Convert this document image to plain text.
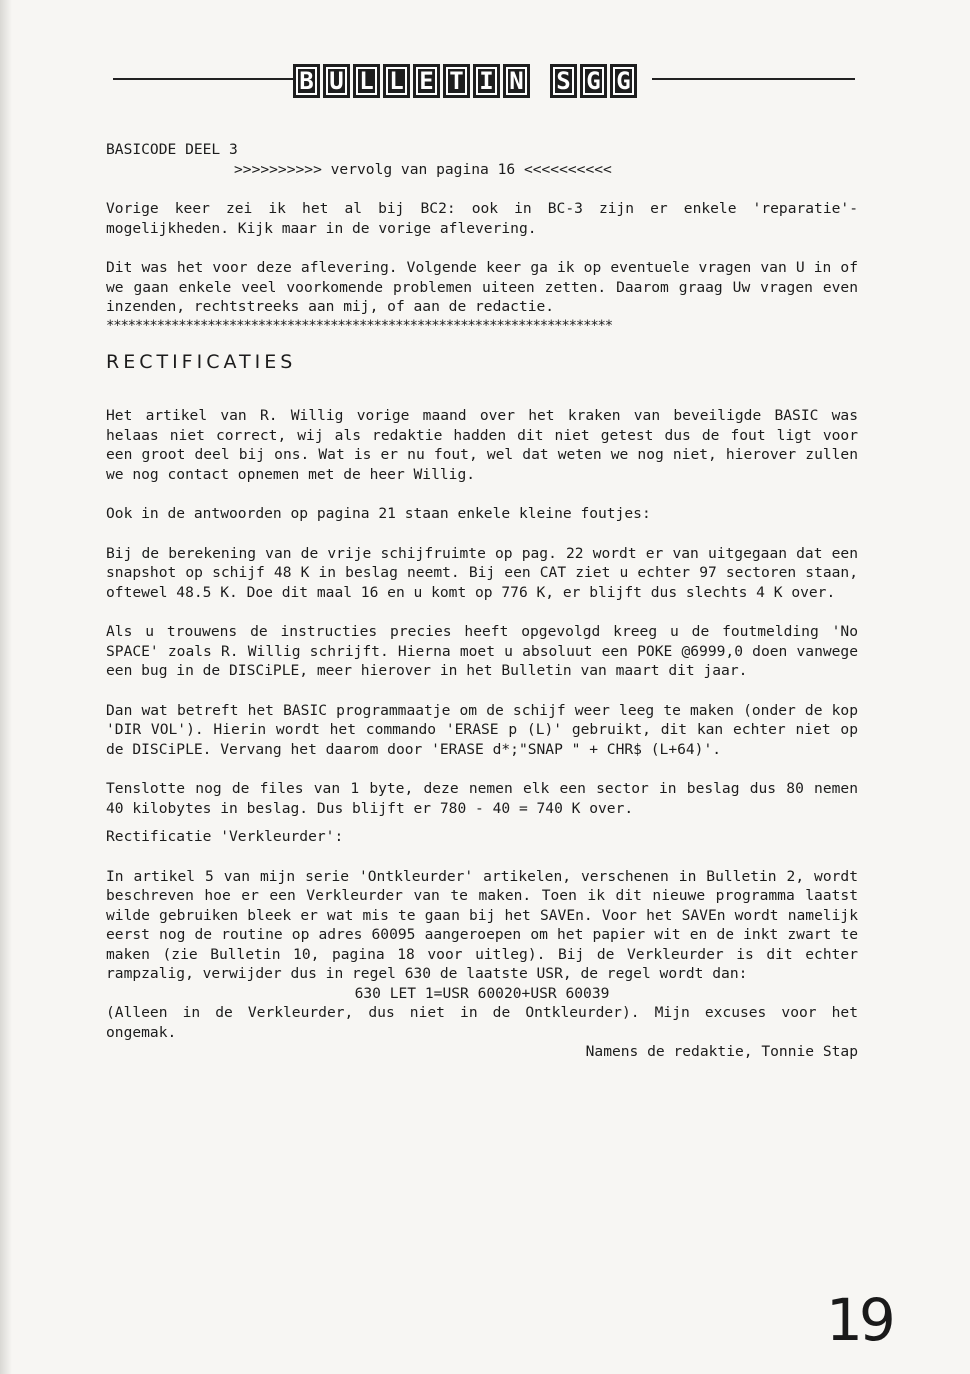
B U L L E T I N S G G

BASICODE DEEL 3

>>>>>>>>>> vervolg van pagina 16 <<<<<<<<<<

Vorige keer zei ik het al bij BC2: ook in BC-3 zijn er enkele 'reparatie'-mogelijkheden. Kijk maar in de vorige aflevering.

Dit was het voor deze aflevering. Volgende keer ga ik op eventuele vragen van U in of we gaan enkele veel voorkomende problemen uiteen zetten. Daarom graag Uw vragen even inzenden, rechtstreeks aan mij, of aan de redactie.

**********************************************************************

RECTIFICATIES

Het artikel van R. Willig vorige maand over het kraken van beveiligde BASIC was helaas niet correct, wij als redaktie hadden dit niet getest dus de fout ligt voor een groot deel bij ons. Wat is er nu fout, wel dat weten we nog niet, hierover zullen we nog contact opnemen met de heer Willig.

Ook in de antwoorden op pagina 21 staan enkele kleine foutjes:

Bij de berekening van de vrije schijfruimte op pag. 22 wordt er van uitgegaan dat een snapshot op schijf 48 K in beslag neemt. Bij een CAT ziet u echter 97 sectoren staan, oftewel 48.5 K. Doe dit maal 16 en u komt op 776 K, er blijft dus slechts 4 K over.

Als u trouwens de instructies precies heeft opgevolgd kreeg u de foutmelding 'No SPACE' zoals R. Willig schrijft. Hierna moet u absoluut een POKE @6999,0 doen vanwege een bug in de DISCiPLE, meer hierover in het Bulletin van maart dit jaar.

Dan wat betreft het BASIC programmaatje om de schijf weer leeg te maken (onder de kop 'DIR VOL'). Hierin wordt het commando 'ERASE p (L)' gebruikt, dit kan echter niet op de DISCiPLE. Vervang het daarom door 'ERASE d*;"SNAP " + CHR$ (L+64)'.

Tenslotte nog de files van 1 byte, deze nemen elk een sector in beslag dus 80 nemen 40 kilobytes in beslag. Dus blijft er 780 - 40 = 740 K over.

Rectificatie 'Verkleurder':

In artikel 5 van mijn serie 'Ontkleurder' artikelen, verschenen in Bulletin 2, wordt beschreven hoe er een Verkleurder van te maken. Toen ik dit nieuwe programma laatst wilde gebruiken bleek er wat mis te gaan bij het SAVEn. Voor het SAVEn wordt namelijk eerst nog de routine op adres 60095 aangeroepen om het papier wit en de inkt zwart te maken (zie Bulletin 10, pagina 18 voor uitleg). Bij de Verkleurder is dit echter rampzalig, verwijder dus in regel 630 de laatste USR, de regel wordt dan:

630 LET 1=USR 60020+USR 60039

(Alleen in de Verkleurder, dus niet in de Ontkleurder). Mijn excuses voor het ongemak.

Namens de redaktie, Tonnie Stap

19
